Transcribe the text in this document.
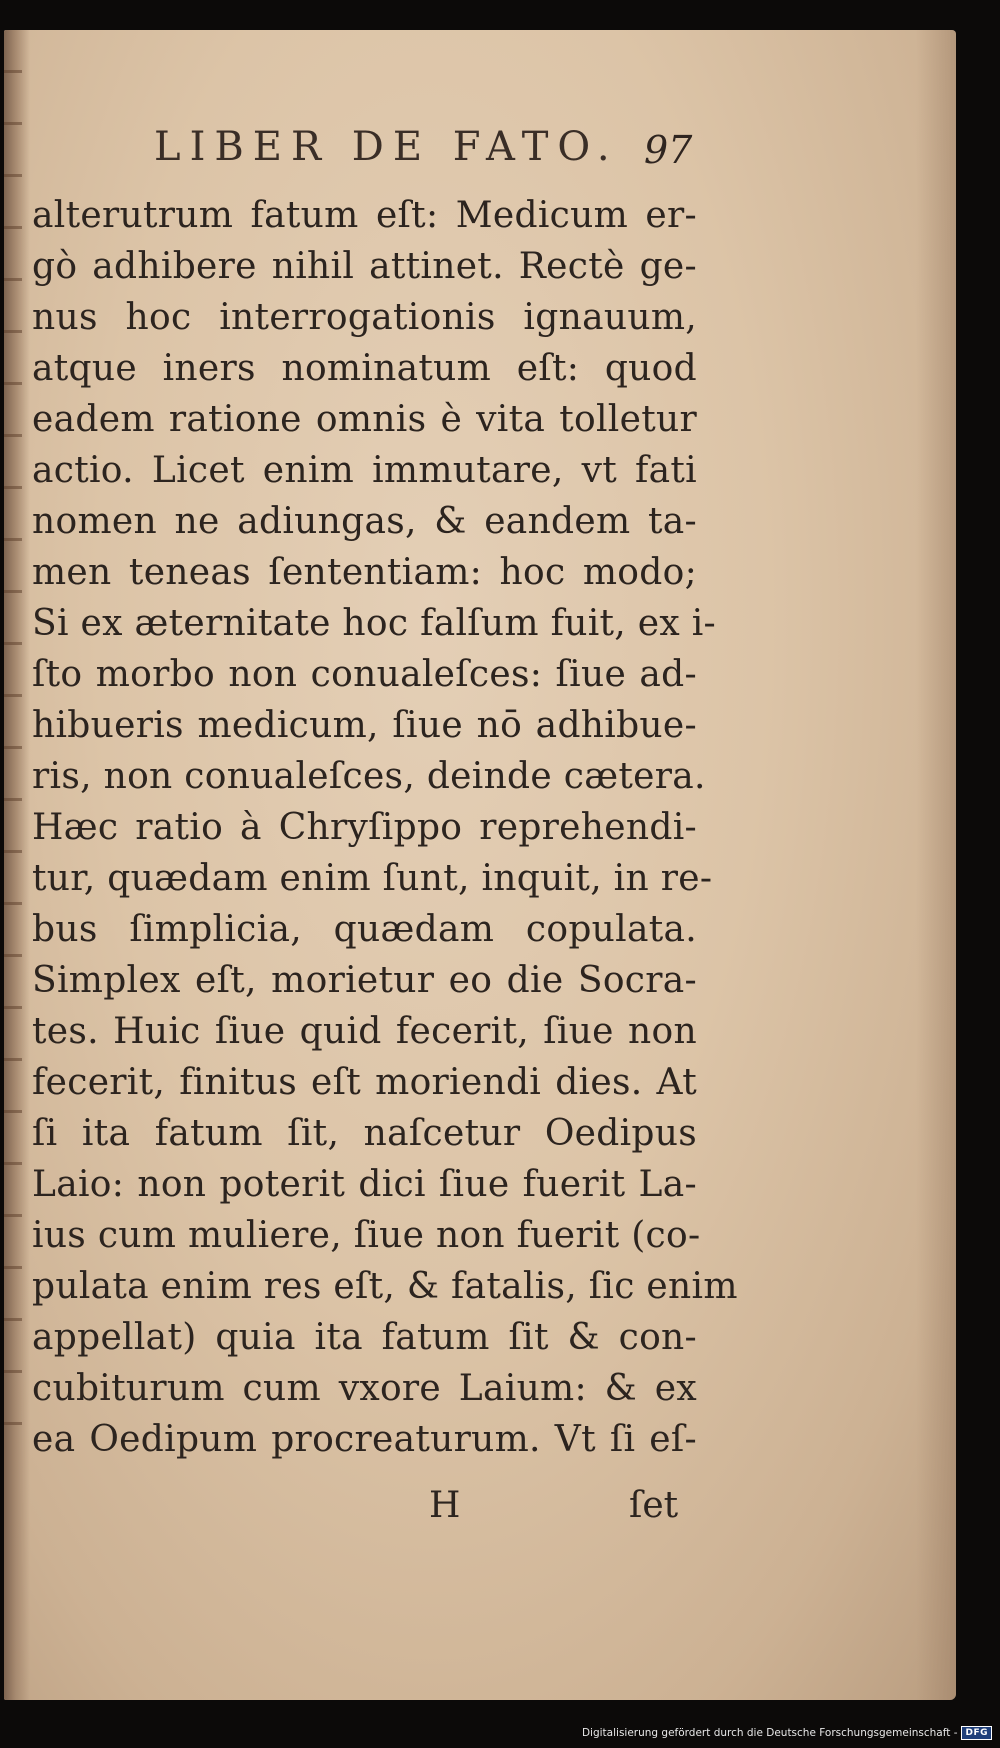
LIBER DE FATO. 97
alterutrum fatum eſt: Medicum er-
gò adhibere nihil attinet. Rectè ge-
nus hoc interrogationis ignauum,
atque iners nominatum eſt: quod
eadem ratione omnis è vita tolletur
actio. Licet enim immutare, vt fati
nomen ne adiungas, & eandem ta-
men teneas ſententiam: hoc modo;
Si ex æternitate hoc falſum fuit, ex i-
ſto morbo non conualeſces: ſiue ad-
hibueris medicum, ſiue nō adhibue-
ris, non conualeſces, deinde cætera.
Hæc ratio à Chryſippo reprehendi-
tur, quædam enim ſunt, inquit, in re-
bus ſimplicia, quædam copulata.
Simplex eſt, morietur eo die Socra-
tes. Huic ſiue quid fecerit, ſiue non
fecerit, finitus eſt moriendi dies. At
ſi ita fatum ſit, naſcetur Oedipus
Laio: non poterit dici ſiue fuerit La-
ius cum muliere, ſiue non fuerit (co-
pulata enim res eſt, & fatalis, ſic enim
appellat) quia ita fatum ſit & con-
cubiturum cum vxore Laium: & ex
ea Oedipum procreaturum. Vt ſi eſ-
H	ſet
Digitalisierung gefördert durch die Deutsche Forschungsgemeinschaft - DFG
